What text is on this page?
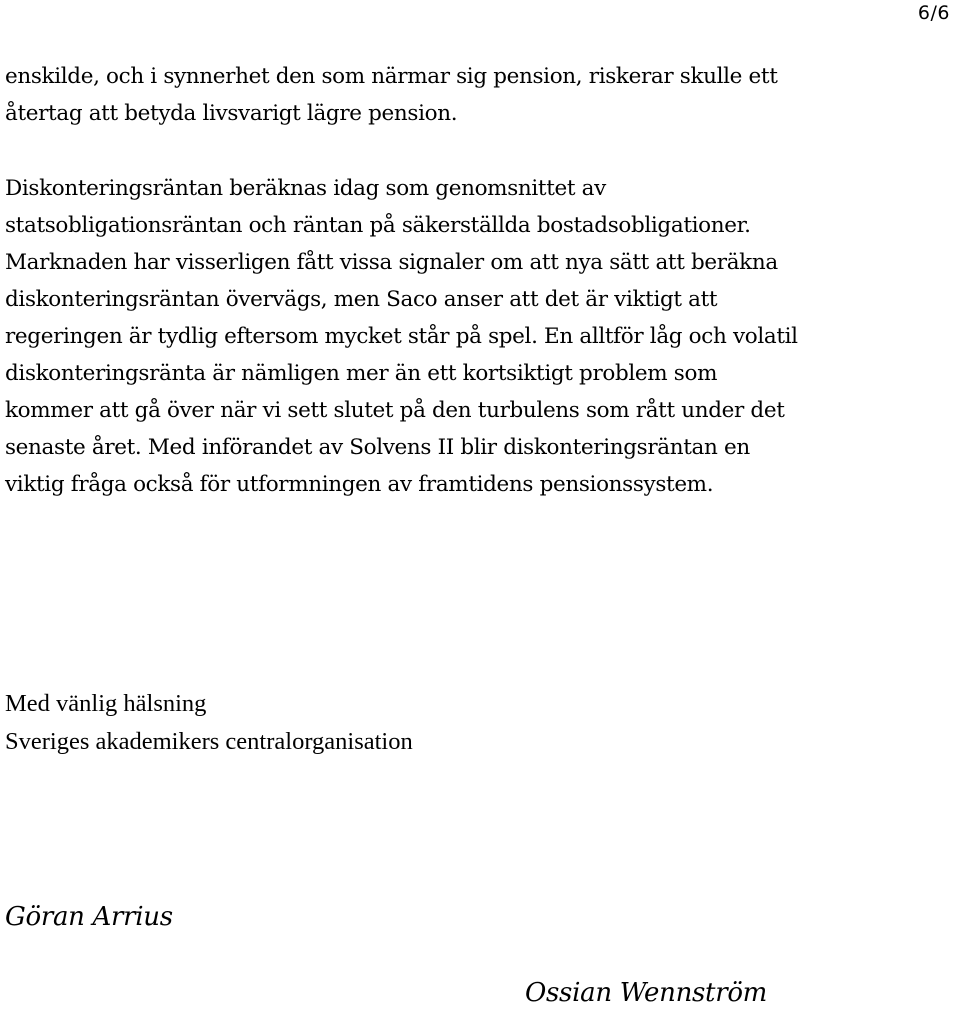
6/6

enskilde, och i synnerhet den som närmar sig pension, riskerar skulle ett
återtag att betyda livsvarigt lägre pension.

Diskonteringsräntan beräknas idag som genomsnittet av
statsobligationsräntan och räntan på säkerställda bostadsobligationer.
Marknaden har visserligen fått vissa signaler om att nya sätt att beräkna
diskonteringsräntan övervägs, men Saco anser att det är viktigt att
regeringen är tydlig eftersom mycket står på spel. En alltför låg och volatil
diskonteringsränta är nämligen mer än ett kortsiktigt problem som
kommer att gå över när vi sett slutet på den turbulens som rått under det
senaste året. Med införandet av Solvens II blir diskonteringsräntan en
viktig fråga också för utformningen av framtidens pensionssystem.

Med vänlig hälsning
Sveriges akademikers centralorganisation
Göran Arrius
Ossian Wennström
